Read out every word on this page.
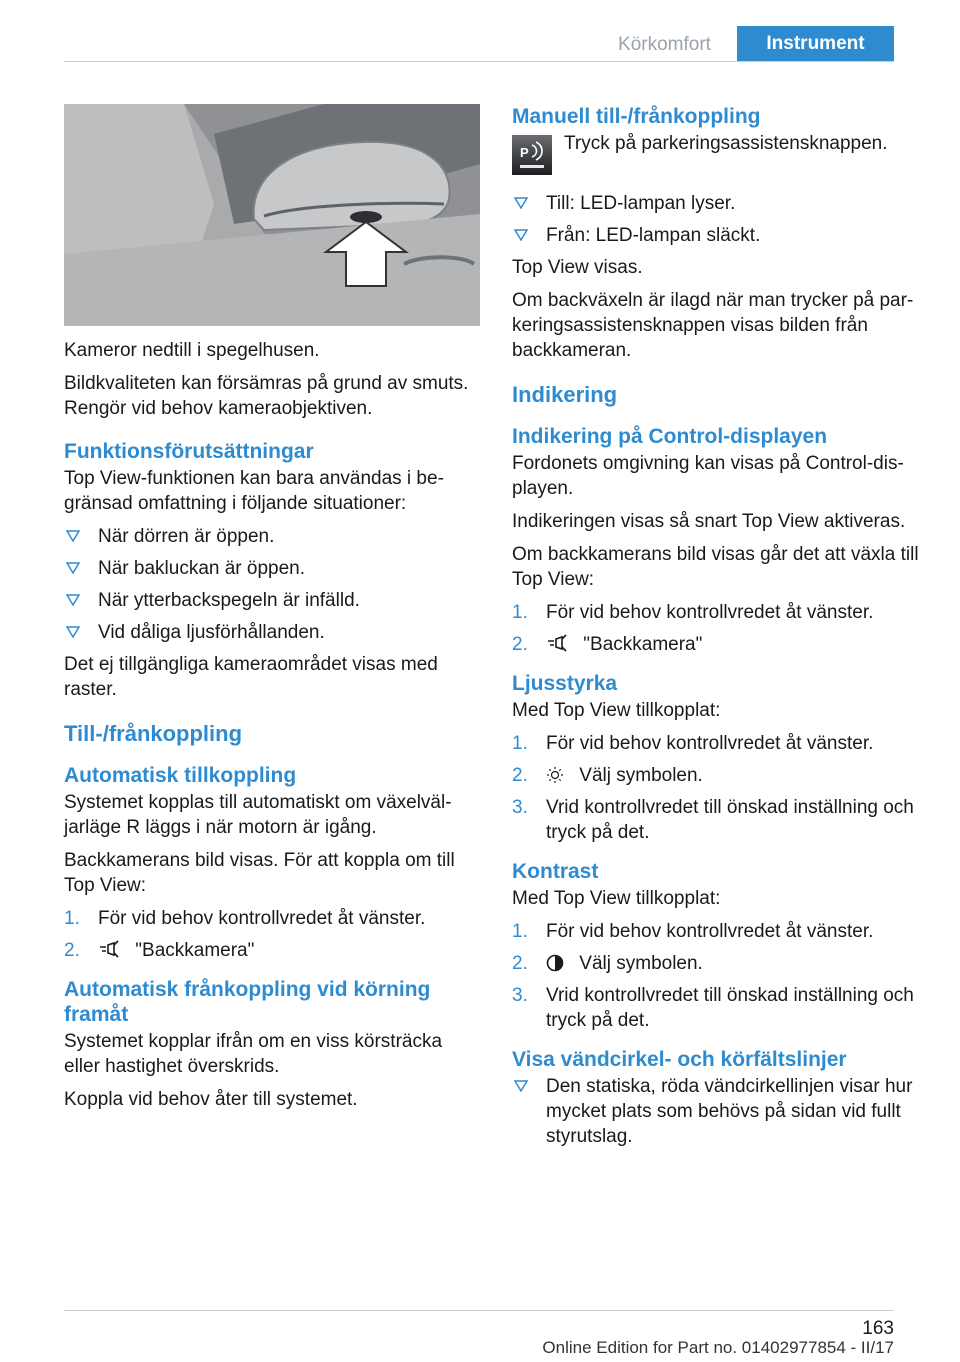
Körkomfort	Instrument

Kameror nedtill i spegelhusen.

Bildkvaliteten kan försämras på grund av smuts. Rengör vid behov kameraobjektiven.

Funktionsförutsättningar

Top View-funktionen kan bara användas i be‐gränsad omfattning i följande situationer:

När dörren är öppen.
När bakluckan är öppen.
När ytterbackspegeln är infälld.
Vid dåliga ljusförhållanden.

Det ej tillgängliga kameraområdet visas med raster.

Till-/frånkoppling
Automatisk tillkoppling

Systemet kopplas till automatiskt om växelväl‐jarläge R läggs i när motorn är igång.

Backkamerans bild visas. För att koppla om till Top View:

1. För vid behov kontrollvredet åt vänster.
2.	"Backkamera"
Automatisk frånkoppling vid körning framåt

Systemet kopplar ifrån om en viss körsträcka eller hastighet överskrids.

Koppla vid behov åter till systemet.

Manuell till-/frånkoppling
P Tryck på parkeringsassistensknappen.
Till: LED-lampan lyser.
Från: LED-lampan släckt.

Top View visas.

Om backväxeln är ilagd när man trycker på par‐keringsassistensknappen visas bilden från backkameran.

Indikering
Indikering på Control-displayen

Fordonets omgivning kan visas på Control-dis‐playen.

Indikeringen visas så snart Top View aktiveras.

Om backkamerans bild visas går det att växla till Top View:

1. För vid behov kontrollvredet åt vänster.
2.	"Backkamera"
Ljusstyrka

Med Top View tillkopplat:

1. För vid behov kontrollvredet åt vänster.
2.	Välj symbolen.
3. Vrid kontrollvredet till önskad inställning och tryck på det.
Kontrast

Med Top View tillkopplat:

1. För vid behov kontrollvredet åt vänster.
2.	Välj symbolen.
3. Vrid kontrollvredet till önskad inställning och tryck på det.
Visa vändcirkel- och körfältslinjer
Den statiska, röda vändcirkellinjen visar hur mycket plats som behövs på sidan vid fullt styrutslag.
163
Online Edition for Part no. 01402977854 - II/17
